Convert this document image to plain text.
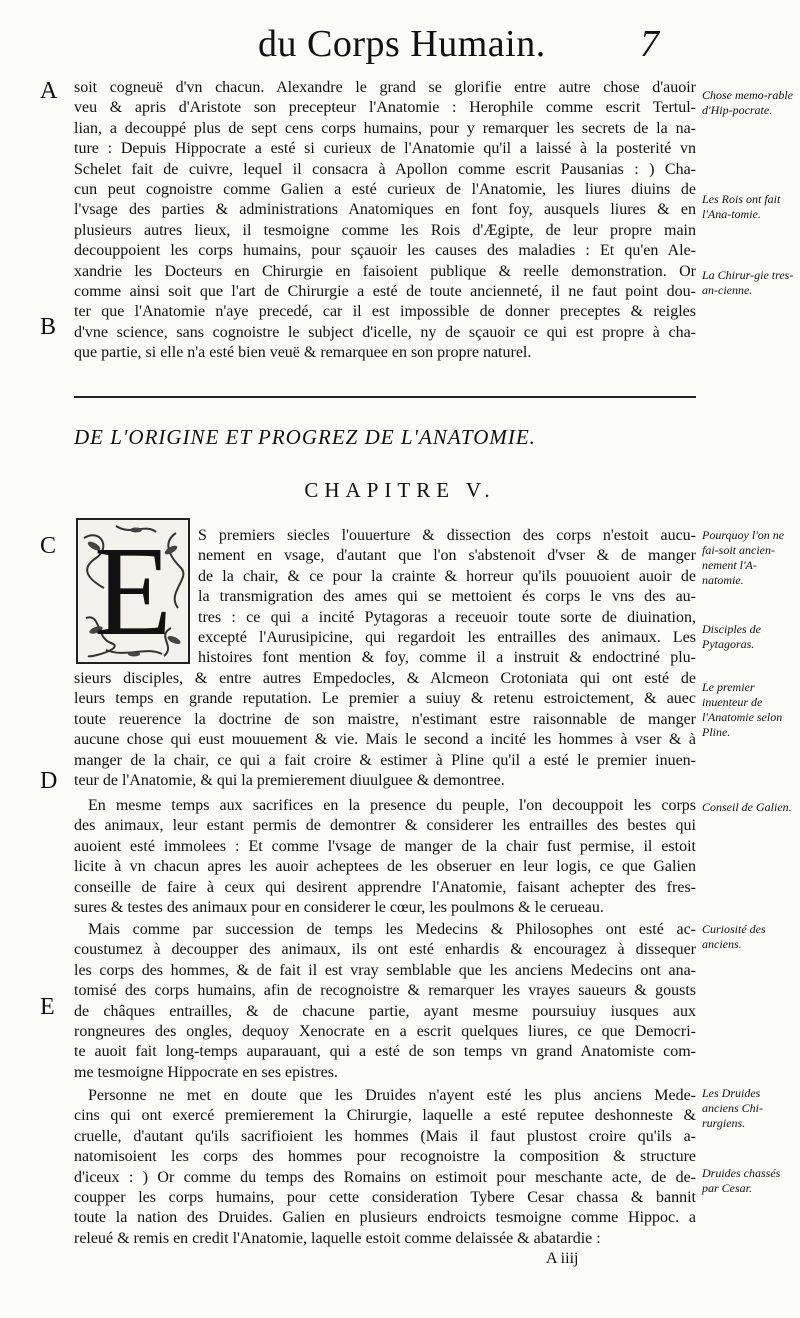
du Corps Humain. 7
A
B
C
D
E
soit cogneuë d'vn chacun. Alexandre le grand se glorifie entre autre chose d'auoir
veu & apris d'Aristote son precepteur l'Anatomie : Herophile comme escrit Tertul-
lian, a decouppé plus de sept cens corps humains, pour y remarquer les secrets de la na-
ture : Depuis Hippocrate a esté si curieux de l'Anatomie qu'il a laissé à la posterité vn
Schelet fait de cuivre, lequel il consacra à Apollon comme escrit Pausanias : ) Cha-
cun peut cognoistre comme Galien a esté curieux de l'Anatomie, les liures diuins de
l'vsage des parties & administrations Anatomiques en font foy, ausquels liures & en
plusieurs autres lieux, il tesmoigne comme les Rois d'Ægipte, de leur propre main
decouppoient les corps humains, pour sçauoir les causes des maladies : Et qu'en Ale-
xandrie les Docteurs en Chirurgie en faisoient publique & reelle demonstration. Or
comme ainsi soit que l'art de Chirurgie a esté de toute ancienneté, il ne faut point dou-
ter que l'Anatomie n'aye precedé, car il est impossible de donner preceptes & reigles
d'vne science, sans cognoistre le subject d'icelle, ny de sçauoir ce qui est propre à cha-
que partie, si elle n'a esté bien veuë & remarquee en son propre naturel.
DE L'ORIGINE ET PROGREZ DE L'ANATOMIE.
CHAPITRE V.
E	S premiers siecles l'ouuerture & dissection des corps n'estoit aucu-
nement en vsage, d'autant que l'on s'abstenoit d'vser & de manger
de la chair, & ce pour la crainte & horreur qu'ils pouuoient auoir de
la transmigration des ames qui se mettoient és corps le vns des au-
tres : ce qui a incité Pytagoras a receuoir toute sorte de diuination,
excepté l'Aurusipicine, qui regardoit les entrailles des animaux. Les
histoires font mention & foy, comme il a instruit & endoctriné plu-
sieurs disciples, & entre autres Empedocles, & Alcmeon Crotoniata qui ont esté de
leurs temps en grande reputation. Le premier a suiuy & retenu estroictement, & auec
toute reuerence la doctrine de son maistre, n'estimant estre raisonnable de manger
aucune chose qui eust mouuement & vie. Mais le second a incité les hommes à vser & à
manger de la chair, ce qui a fait croire & estimer à Pline qu'il a esté le premier inuen-
teur de l'Anatomie, & qui la premierement diuulguee & demontree.
En mesme temps aux sacrifices en la presence du peuple, l'on decouppoit les corps
des animaux, leur estant permis de demontrer & considerer les entrailles des bestes qui
auoient esté immolees : Et comme l'vsage de manger de la chair fust permise, il estoit
licite à vn chacun apres les auoir acheptees de les obseruer en leur logis, ce que Galien
conseille de faire à ceux qui desirent apprendre l'Anatomie, faisant achepter des fres-
sures & testes des animaux pour en considerer le cœur, les poulmons & le cerueau.
Mais comme par succession de temps les Medecins & Philosophes ont esté ac-
coustumez à decoupper des animaux, ils ont esté enhardis & encouragez à dissequer
les corps des hommes, & de fait il est vray semblable que les anciens Medecins ont ana-
tomisé des corps humains, afin de recognoistre & remarquer les vrayes saueurs & gousts
de châques entrailles, & de chacune partie, ayant mesme poursuiuy iusques aux
rongneures des ongles, dequoy Xenocrate en a escrit quelques liures, ce que Democri-
te auoit fait long-temps auparauant, qui a esté de son temps vn grand Anatomiste com-
me tesmoigne Hippocrate en ses epistres.
Personne ne met en doute que les Druides n'ayent esté les plus anciens Mede-
cins qui ont exercé premierement la Chirurgie, laquelle a esté reputee deshonneste &
cruelle, d'autant qu'ils sacrifioient les hommes (Mais il faut plustost croire qu'ils a-
natomisoient les corps des hommes pour recognoistre la composition & structure
d'iceux : ) Or comme du temps des Romains on estimoit pour meschante acte, de de-
coupper les corps humains, pour cette consideration Tybere Cesar chassa & bannit
toute la nation des Druides. Galien en plusieurs endroicts tesmoigne comme Hippoc. a
releué & remis en credit l'Anatomie, laquelle estoit comme delaissée & abatardie :
Chose memo-rable d'Hip-pocrate.
Les Rois ont fait l'Ana-tomie.
La Chirur-gie tres-an-cienne.
Pourquoy l'on ne fai-soit ancien-nement l'A-natomie.
Disciples de Pytagoras.
Le premier inuenteur de l'Anatomie selon Pline.
Conseil de Galien.
Curiosité des anciens.
Les Druides anciens Chi-rurgiens.
Druides chassés par Cesar.
A iiij
